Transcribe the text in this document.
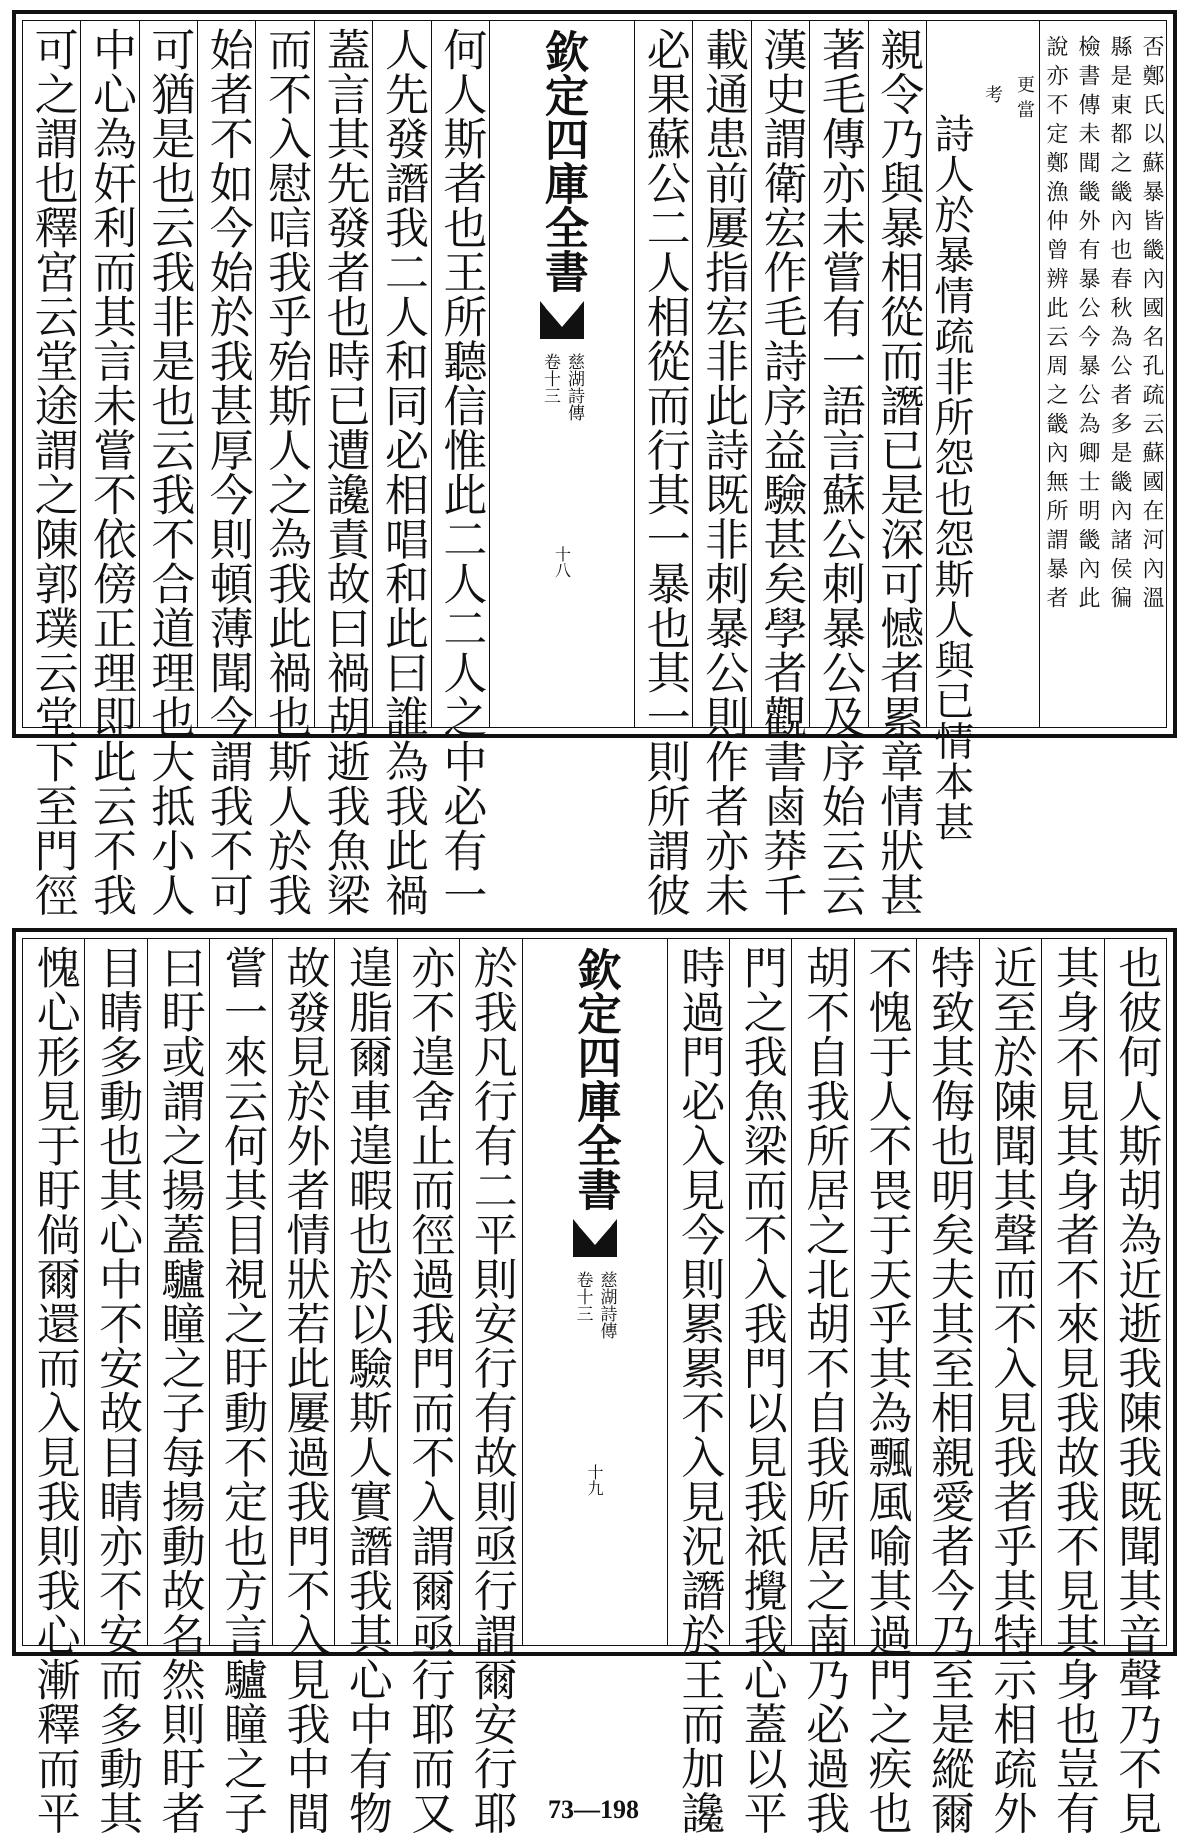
否鄭氏以蘇暴皆畿內國名孔疏云蘇國在河內溫
縣是東都之畿內也春秋為公者多是畿內諸侯徧
檢書傳未聞畿外有暴公今暴公為卿士明畿內此
說亦不定鄭漁仲曾辨此云周之畿內無所謂暴者
更當
考
詩人於暴情疏非所怨也怨斯人與已情本甚
親令乃與暴相從而譖已是深可憾者累章情狀甚
著毛傳亦未嘗有一語言蘇公刺暴公及序始云云
漢史謂衛宏作毛詩序益驗甚矣學者觀書鹵莽千
載通患前屢指宏非此詩既非刺暴公則作者亦未
必果蘇公二人相從而行其一暴也其一則所謂彼
欽定四庫全書
慈湖詩傳
卷十三
十八
何人斯者也王所聽信惟此二人二人之中必有一
人先發譖我二人和同必相唱和此曰誰為我此禍
蓋言其先發者也時已遭讒責故曰禍胡逝我魚梁
而不入慰唁我乎殆斯人之為我此禍也斯人於我
始者不如今始於我甚厚今則頓薄聞今謂我不可
可猶是也云我非是也云我不合道理也大抵小人
中心為奸利而其言未嘗不依傍正理即此云不我
可之謂也釋宮云堂途謂之陳郭璞云堂下至門徑
也彼何人斯胡為近逝我陳我既聞其音聲乃不見
其身不見其身者不來見我故我不見其身也豈有
近至於陳聞其聲而不入見我者乎其特示相疏外
特致其侮也明矣夫其至相親愛者今乃至是縱爾
不愧于人不畏于天乎其為飄風喻其過門之疾也
胡不自我所居之北胡不自我所居之南乃必過我
門之我魚梁而不入我門以見我祇攪我心蓋以平
時過門必入見今則累累不入見況譖於王而加讒
欽定四庫全書
慈湖詩傳
卷十三
十九
於我凡行有二平則安行有故則亟行謂爾安行耶
亦不遑舍止而徑過我門而不入謂爾亟行耶而又
遑脂爾車遑暇也於以驗斯人實譖我其心中有物
故發見於外者情狀若此屢過我門不入見我中間
嘗一來云何其目視之盱動不定也方言驢瞳之子
曰盱或謂之揚蓋驢瞳之子每揚動故名然則盱者
目睛多動也其心中不安故目睛亦不安而多動其
愧心形見于盱倘爾還而入見我則我心漸釋而平	73—198
